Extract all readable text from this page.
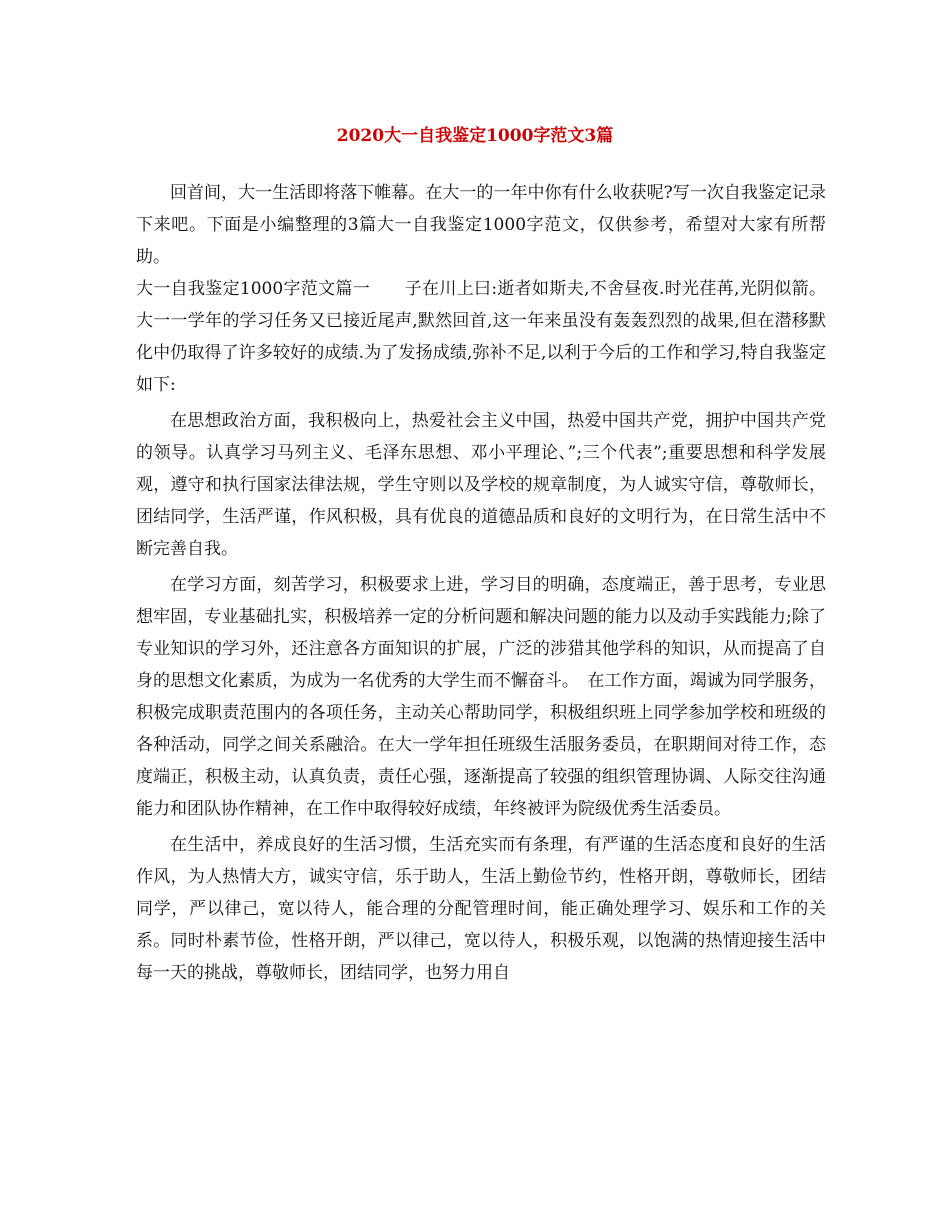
2020大一自我鉴定1000字范文3篇

回首间，大一生活即将落下帷幕。在大一的一年中你有什么收获呢?写一次自我鉴定记录下来吧。下面是小编整理的3篇大一自我鉴定1000字范文，仅供参考，希望对大家有所帮助。

大一自我鉴定1000字范文篇一　　子在川上曰:逝者如斯夫,不舍昼夜.时光荏苒,光阴似箭。大一一学年的学习任务又已接近尾声,默然回首,这一年来虽没有轰轰烈烈的战果,但在潜移默化中仍取得了许多较好的成绩.为了发扬成绩,弥补不足,以利于今后的工作和学习,特自我鉴定如下:

在思想政治方面，我积极向上，热爱社会主义中国，热爱中国共产党，拥护中国共产党的领导。认真学习马列主义、毛泽东思想、邓小平理论、”;三个代表”;重要思想和科学发展观，遵守和执行国家法律法规，学生守则以及学校的规章制度，为人诚实守信，尊敬师长，团结同学，生活严谨，作风积极，具有优良的道德品质和良好的文明行为，在日常生活中不断完善自我。

在学习方面，刻苦学习，积极要求上进，学习目的明确，态度端正，善于思考，专业思想牢固，专业基础扎实，积极培养一定的分析问题和解决问题的能力以及动手实践能力;除了专业知识的学习外，还注意各方面知识的扩展，广泛的涉猎其他学科的知识，从而提高了自身的思想文化素质，为成为一名优秀的大学生而不懈奋斗。　在工作方面，竭诚为同学服务，积极完成职责范围内的各项任务，主动关心帮助同学，积极组织班上同学参加学校和班级的各种活动，同学之间关系融洽。在大一学年担任班级生活服务委员，在职期间对待工作，态度端正，积极主动，认真负责，责任心强，逐渐提高了较强的组织管理协调、人际交往沟通能力和团队协作精神，在工作中取得较好成绩，年终被评为院级优秀生活委员。

在生活中，养成良好的生活习惯，生活充实而有条理，有严谨的生活态度和良好的生活作风，为人热情大方，诚实守信，乐于助人，生活上勤俭节约，性格开朗，尊敬师长，团结同学，严以律己，宽以待人，能合理的分配管理时间，能正确处理学习、娱乐和工作的关系。同时朴素节俭，性格开朗，严以律己，宽以待人，积极乐观，以饱满的热情迎接生活中每一天的挑战，尊敬师长，团结同学，也努力用自
